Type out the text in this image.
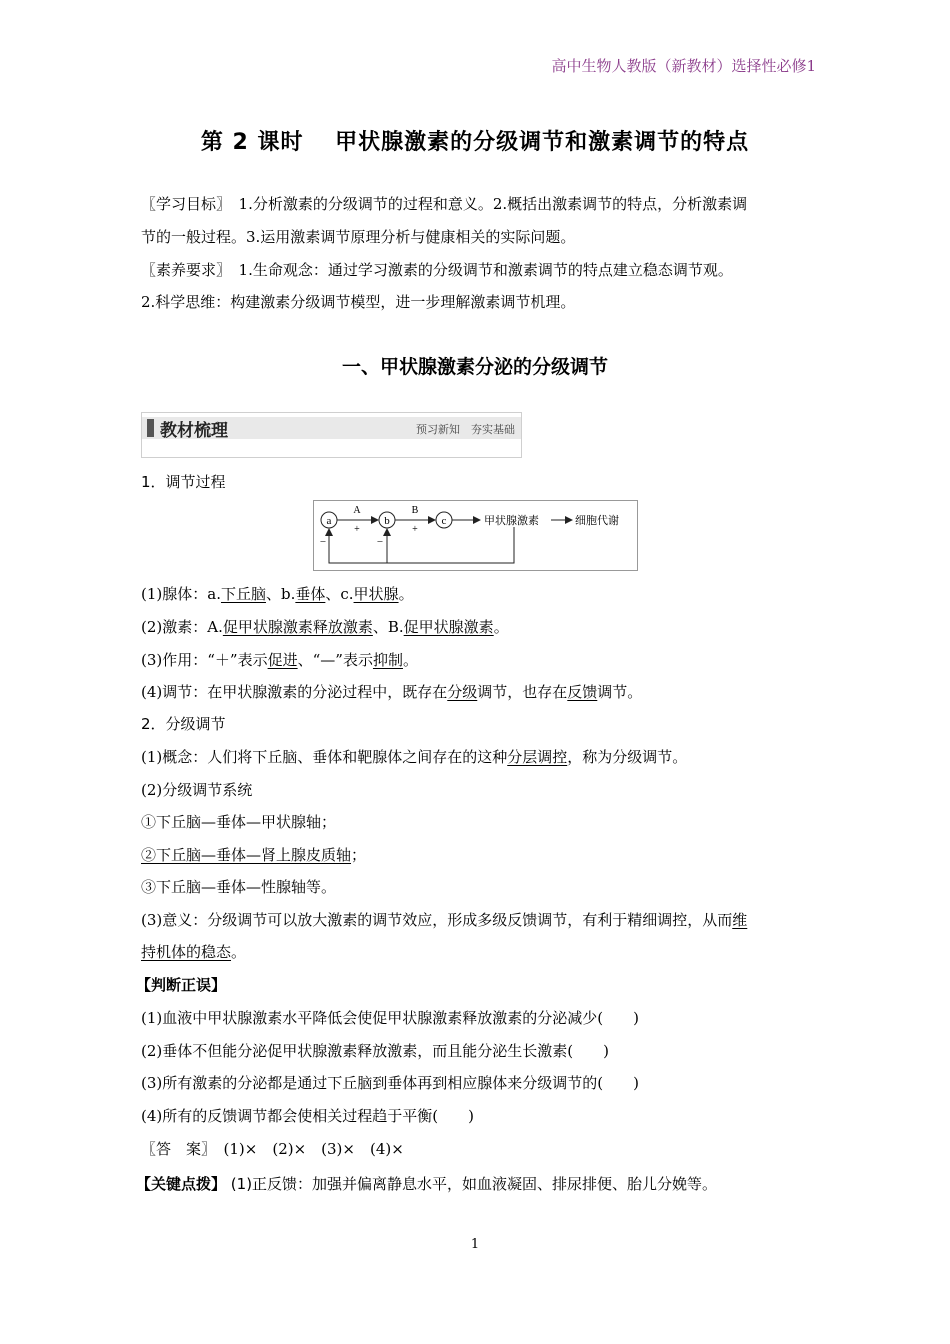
高中生物人教版（新教材）选择性必修1
第 2 课时　 甲状腺激素的分级调节和激素调节的特点
〖学习目标〗　 1.分析激素的分级调节的过程和意义。2.概括出激素调节的特点，分析激素调
节的一般过程。3.运用激素调节原理分析与健康相关的实际问题。
〖素养要求〗　 1.生命观念：通过学习激素的分级调节和激素调节的特点建立稳态调节观。
2.科学思维：构建激素分级调节模型，进一步理解激素调节机理。
一、甲状腺激素分泌的分级调节
教材梳理	预习新知　夯实基础
1．调节过程
a	b	c
A
+
B
+
甲状腺激素	细胞代谢
−	−
(1)腺体：a.下丘脑、b.垂体、c.甲状腺。
(2)激素：A.促甲状腺激素释放激素、B.促甲状腺激素。
(3)作用：“＋”表示促进、“—”表示抑制。
(4)调节：在甲状腺激素的分泌过程中，既存在分级调节，也存在反馈调节。
2．分级调节
(1)概念：人们将下丘脑、垂体和靶腺体之间存在的这种分层调控，称为分级调节。
(2)分级调节系统
①下丘脑—垂体—甲状腺轴；
②下丘脑—垂体—肾上腺皮质轴；
③下丘脑—垂体—性腺轴等。
(3)意义：分级调节可以放大激素的调节效应，形成多级反馈调节，有利于精细调控，从而维
持机体的稳态。
【判断正误】
(1)血液中甲状腺激素水平降低会使促甲状腺激素释放激素的分泌减少(　　)
(2)垂体不但能分泌促甲状腺激素释放激素，而且能分泌生长激素(　　)
(3)所有激素的分泌都是通过下丘脑到垂体再到相应腺体来分级调节的(　　)
(4)所有的反馈调节都会使相关过程趋于平衡(　　)
〖答　案〗　 (1)×　(2)×　(3)×　(4)×
【关键点拨】 (1)正反馈：加强并偏离静息水平，如血液凝固、排尿排便、胎儿分娩等。
1
